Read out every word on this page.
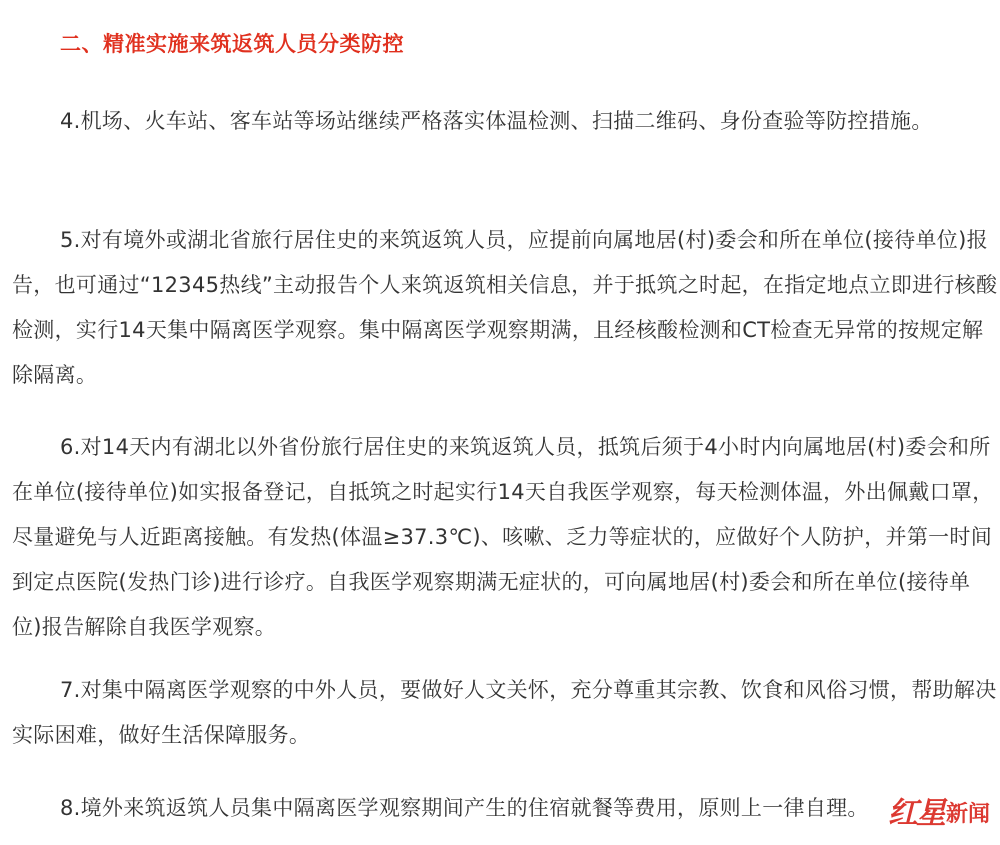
二、精准实施来筑返筑人员分类防控

4.机场、火车站、客车站等场站继续严格落实体温检测、扫描二维码、身份查验等防控措施。

5.对有境外或湖北省旅行居住史的来筑返筑人员，应提前向属地居(村)委会和所在单位(接待单位)报告，也可通过“12345热线”主动报告个人来筑返筑相关信息，并于抵筑之时起，在指定地点立即进行核酸检测，实行14天集中隔离医学观察。集中隔离医学观察期满，且经核酸检测和CT检查无异常的按规定解除隔离。

6.对14天内有湖北以外省份旅行居住史的来筑返筑人员，抵筑后须于4小时内向属地居(村)委会和所在单位(接待单位)如实报备登记，自抵筑之时起实行14天自我医学观察，每天检测体温，外出佩戴口罩，尽量避免与人近距离接触。有发热(体温≥37.3℃)、咳嗽、乏力等症状的，应做好个人防护，并第一时间到定点医院(发热门诊)进行诊疗。自我医学观察期满无症状的，可向属地居(村)委会和所在单位(接待单位)报告解除自我医学观察。

7.对集中隔离医学观察的中外人员，要做好人文关怀，充分尊重其宗教、饮食和风俗习惯，帮助解决实际困难，做好生活保障服务。

8.境外来筑返筑人员集中隔离医学观察期间产生的住宿就餐等费用，原则上一律自理。 红星 新闻
